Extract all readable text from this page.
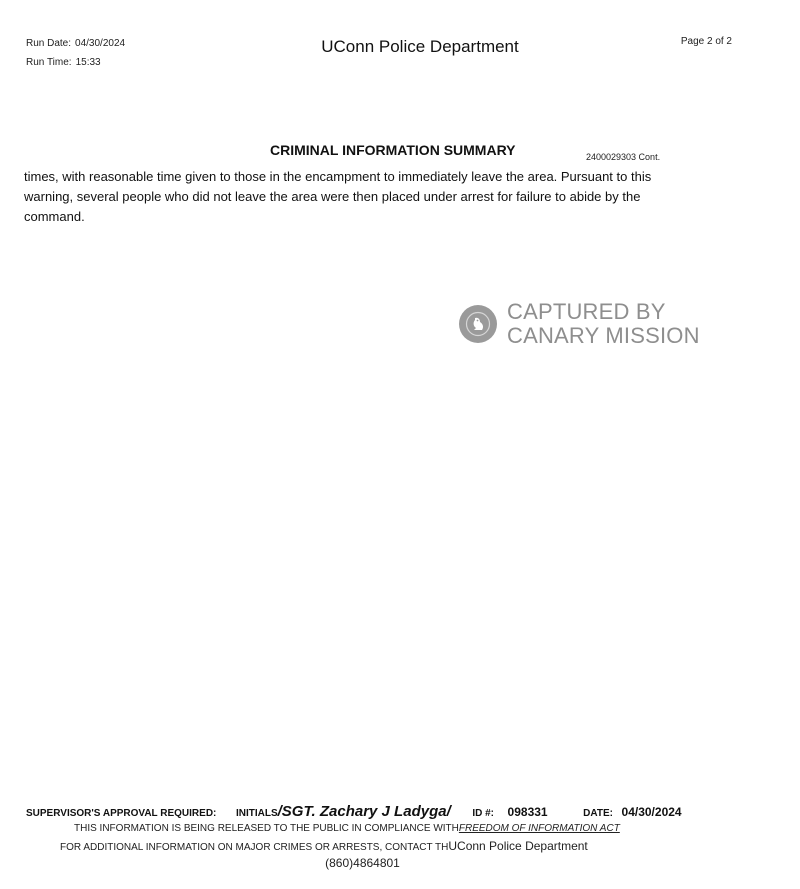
Run Date: 04/30/2024
Run Time: 15:33
UConn Police Department	Page 2 of 2
CRIMINAL INFORMATION SUMMARY	2400029303 Cont.
times, with reasonable time given to those in the encampment to immediately leave the area. Pursuant to this warning, several people who did not leave the area were then placed under arrest for failure to abide by the command.
CAPTURED BY
CANARY MISSION
SUPERVISOR'S APPROVAL REQUIRED: INITIALS/SGT. Zachary J Ladyga/ ID #: 098331	DATE: 04/30/2024
THIS INFORMATION IS BEING RELEASED TO THE PUBLIC IN COMPLIANCE WITHFREEDOM OF INFORMATION ACT
FOR ADDITIONAL INFORMATION ON MAJOR CRIMES OR ARRESTS, CONTACT THUConn Police Department
(860)4864801
